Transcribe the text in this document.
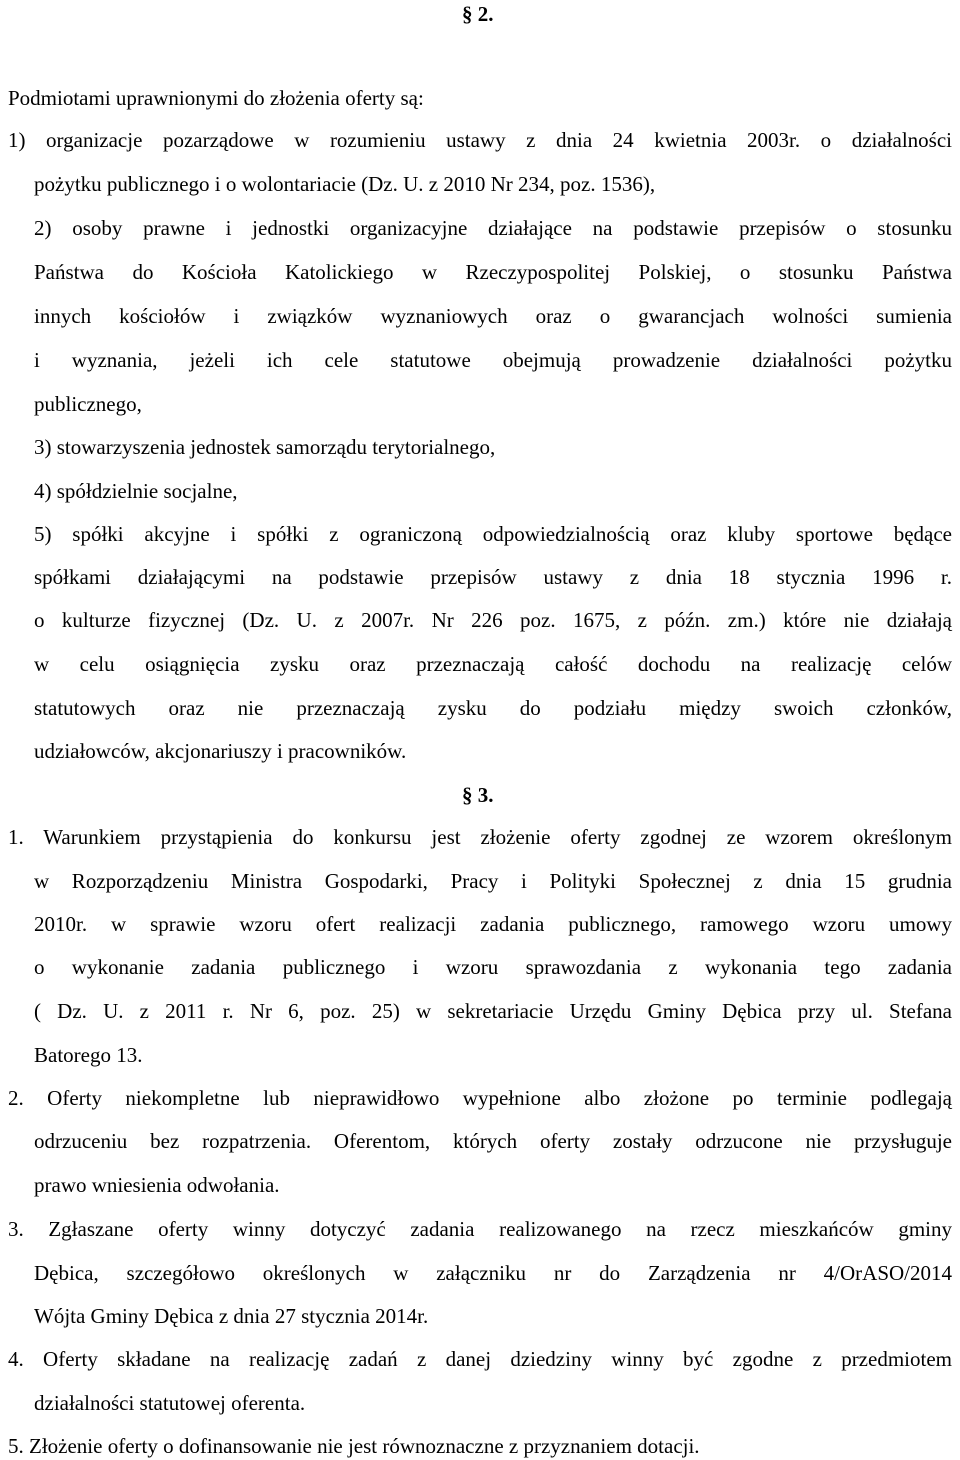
§ 2.
Podmiotami uprawnionymi do złożenia oferty są:
1) organizacje pozarządowe w rozumieniu ustawy z dnia 24 kwietnia 2003r. o działalności
pożytku publicznego i o wolontariacie (Dz. U. z 2010 Nr 234, poz. 1536),
2) osoby prawne i jednostki organizacyjne działające na podstawie przepisów o stosunku
Państwa do Kościoła Katolickiego w Rzeczypospolitej Polskiej, o stosunku Państwa
innych kościołów i związków wyznaniowych oraz o gwarancjach wolności sumienia
i wyznania, jeżeli ich cele statutowe obejmują prowadzenie działalności pożytku
publicznego,
3) stowarzyszenia jednostek samorządu terytorialnego,
4) spółdzielnie socjalne,
5) spółki akcyjne i spółki z ograniczoną odpowiedzialnością oraz kluby sportowe będące
spółkami działającymi na podstawie przepisów ustawy z dnia 18 stycznia 1996 r.
o kulturze fizycznej (Dz. U. z 2007r. Nr 226 poz. 1675, z późn. zm.) które nie działają
w celu osiągnięcia zysku oraz przeznaczają całość dochodu na realizację celów
statutowych oraz nie przeznaczają zysku do podziału między swoich członków,
udziałowców, akcjonariuszy i pracowników.
§ 3.
1. Warunkiem przystąpienia do konkursu jest złożenie oferty zgodnej ze wzorem określonym
w Rozporządzeniu Ministra Gospodarki, Pracy i Polityki Społecznej z dnia 15 grudnia
2010r. w sprawie wzoru ofert realizacji zadania publicznego, ramowego wzoru umowy
o wykonanie zadania publicznego i wzoru sprawozdania z wykonania tego zadania
( Dz. U. z 2011 r. Nr 6, poz. 25) w sekretariacie Urzędu Gminy Dębica przy ul. Stefana
Batorego 13.
2. Oferty niekompletne lub nieprawidłowo wypełnione albo złożone po terminie podlegają
odrzuceniu bez rozpatrzenia. Oferentom, których oferty zostały odrzucone nie przysługuje
prawo wniesienia odwołania.
3. Zgłaszane oferty winny dotyczyć zadania realizowanego na rzecz mieszkańców gminy
Dębica, szczegółowo określonych w załączniku nr do Zarządzenia nr 4/OrASO/2014
Wójta Gminy Dębica z dnia 27 stycznia 2014r.
4. Oferty składane na realizację zadań z danej dziedziny winny być zgodne z przedmiotem
działalności statutowej oferenta.
5. Złożenie oferty o dofinansowanie nie jest równoznaczne z przyznaniem dotacji.
